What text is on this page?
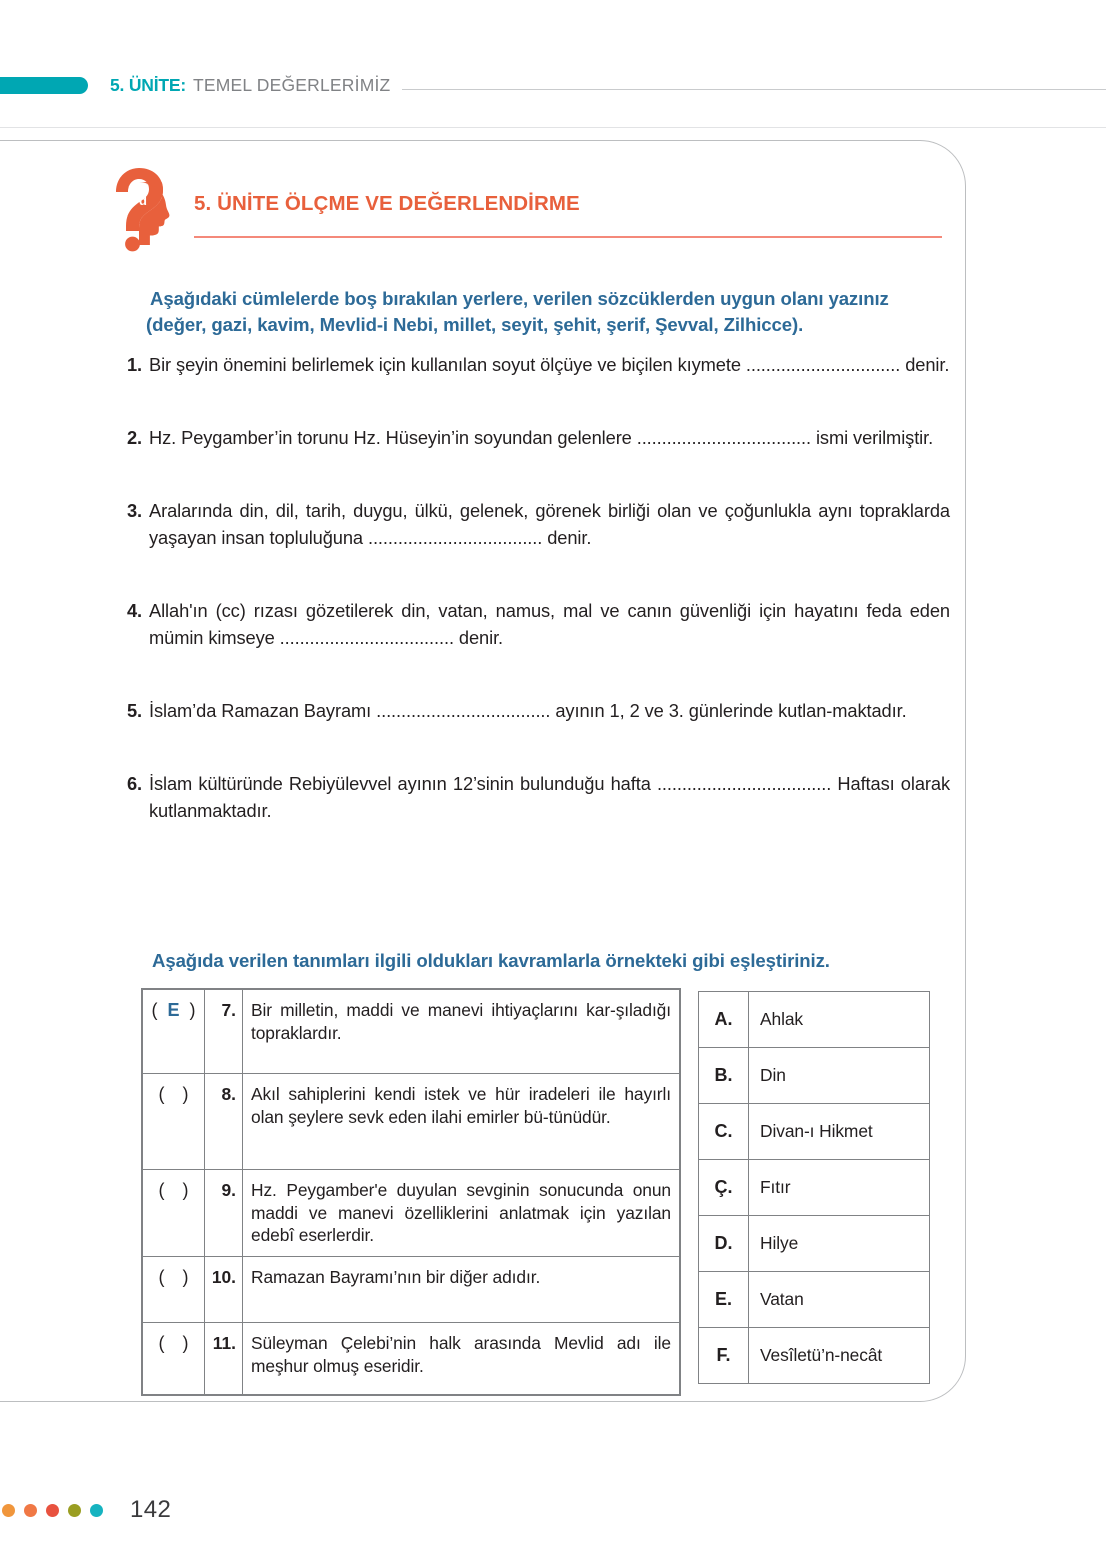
5. ÜNİTE: TEMEL DEĞERLERİMİZ
a b
c d 5. ÜNİTE ÖLÇME VE DEĞERLENDİRME
Aşağıdaki cümlelerde boş bırakılan yerlere, verilen sözcüklerden uygun olanı yazınız (değer, gazi, kavim, Mevlid-i Nebi, millet, seyit, şehit, şerif, Şevval, Zilhicce).
1. Bir şeyin önemini belirlemek için kullanılan soyut ölçüye ve biçilen kıymete ............................... denir.
2. Hz. Peygamber’in torunu Hz. Hüseyin’in soyundan gelenlere ................................... ismi verilmiştir.
3. Aralarında din, dil, tarih, duygu, ülkü, gelenek, görenek birliği olan ve çoğunlukla aynı topraklarda yaşayan insan topluluğuna ................................... denir.
4. Allah'ın (cc) rızası gözetilerek din, vatan, namus, mal ve canın güvenliği için hayatını feda eden mümin kimseye ................................... denir.
5. İslam’da Ramazan Bayramı ................................... ayının 1, 2 ve 3. günlerinde kutlan-maktadır.
6. İslam kültüründe Rebiyülevvel ayının 12’sinin bulunduğu hafta ................................... Haftası olarak kutlanmaktadır.
Aşağıda verilen tanımları ilgili oldukları kavramlarla örnekteki gibi eşleştiriniz.
( E )	7.	Bir milletin, maddi ve manevi ihtiyaçlarını kar-şıladığı topraklardır.
( )	8.	Akıl sahiplerini kendi istek ve hür iradeleri ile hayırlı olan şeylere sevk eden ilahi emirler bü-tünüdür.
( )	9.	Hz. Peygamber'e duyulan sevginin sonucunda onun maddi ve manevi özelliklerini anlatmak için yazılan edebî eserlerdir.
( )	10.	Ramazan Bayramı’nın bir diğer adıdır.
( )	11.	Süleyman Çelebi’nin halk arasında Mevlid adı ile meşhur olmuş eseridir.
A.	Ahlak
B.	Din
C.	Divan-ı Hikmet
Ç.	Fıtır
D.	Hilye
E.	Vatan
F.	Vesîletü’n-necât
142
